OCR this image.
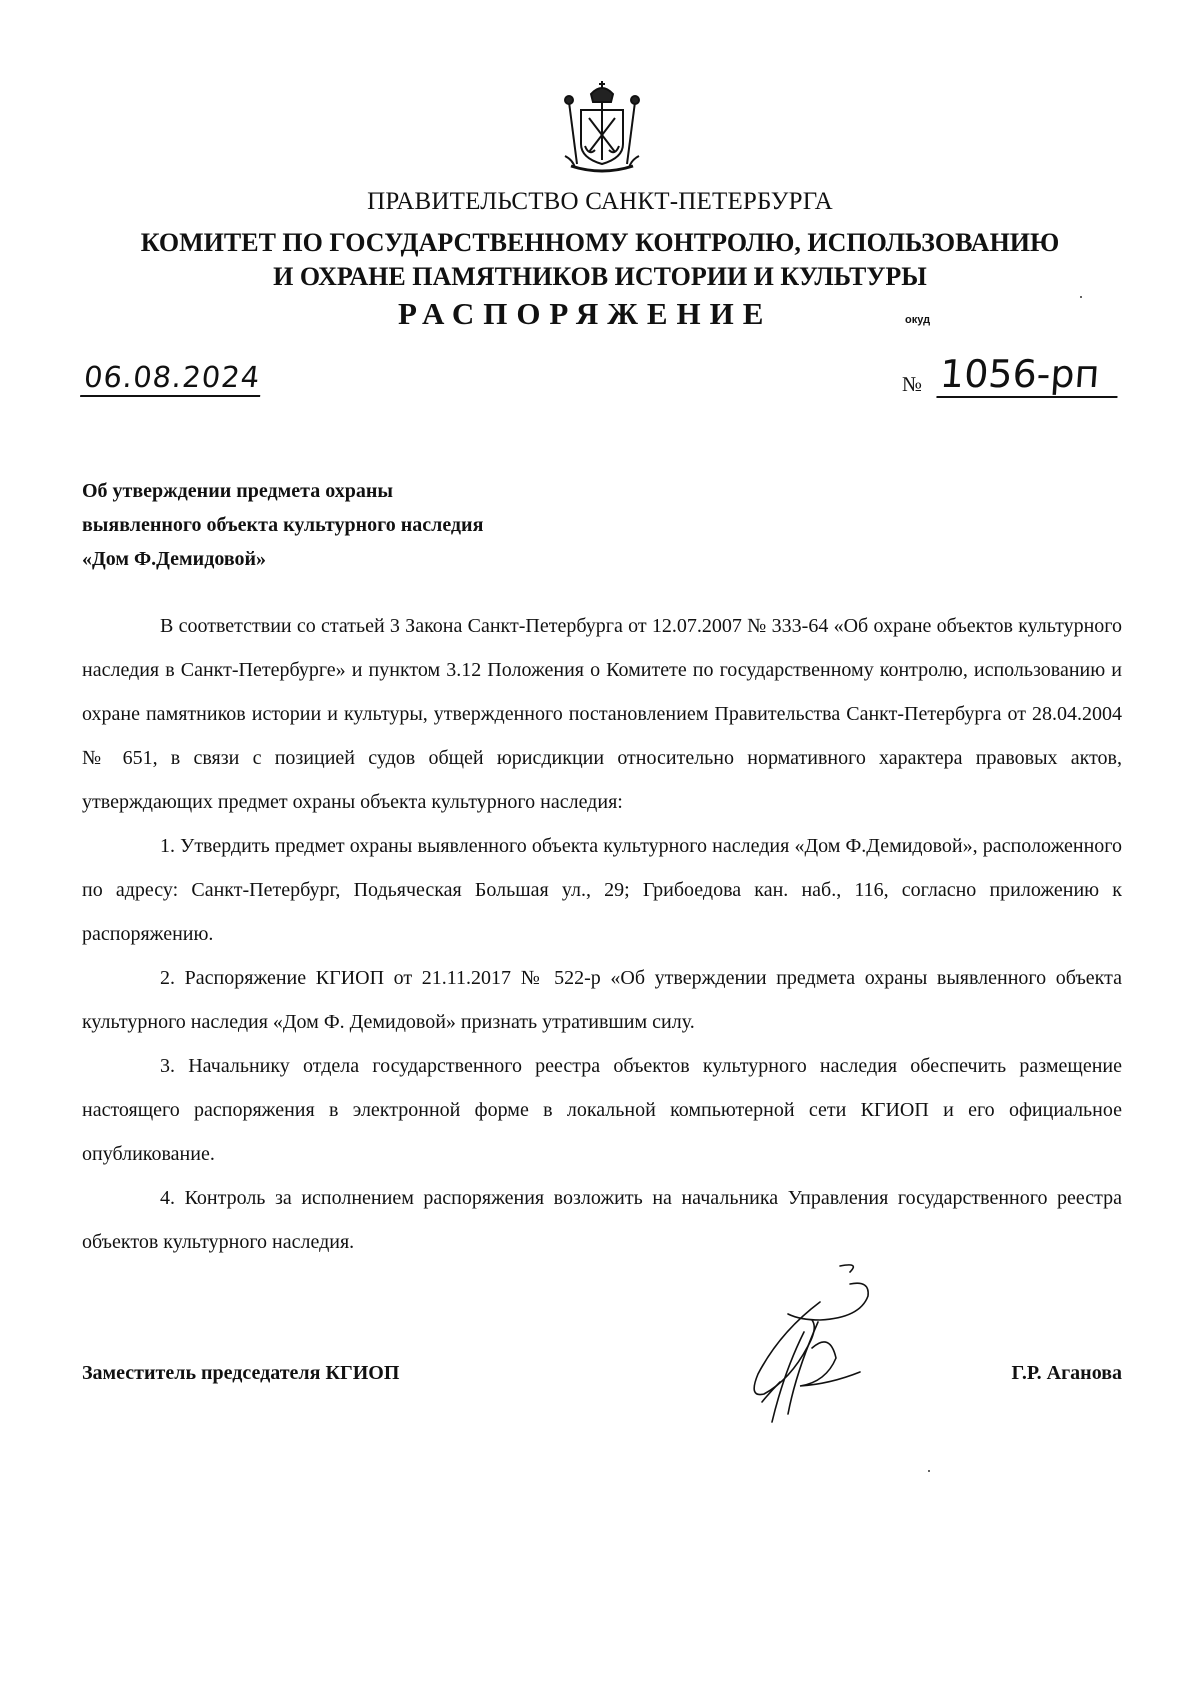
ПРАВИТЕЛЬСТВО САНКТ-ПЕТЕРБУРГА
КОМИТЕТ ПО ГОСУДАРСТВЕННОМУ КОНТРОЛЮ, ИСПОЛЬЗОВАНИЮ
И ОХРАНЕ ПАМЯТНИКОВ ИСТОРИИ И КУЛЬТУРЫ
РАСПОРЯЖЕНИЕ	окуд
06.08.2024	№ 1056-рп
Об утверждении предмета охраны
выявленного объекта культурного наследия
«Дом Ф.Демидовой»

В соответствии со статьей 3 Закона Санкт-Петербурга от 12.07.2007 № 333-64 «Об охране объектов культурного наследия в Санкт-Петербурге» и пунктом 3.12 Положения о Комитете по государственному контролю, использованию и охране памятников истории и культуры, утвержденного постановлением Правительства Санкт-Петербурга от 28.04.2004 № 651, в связи с позицией судов общей юрисдикции относительно нормативного характера правовых актов, утверждающих предмет охраны объекта культурного наследия:

1. Утвердить предмет охраны выявленного объекта культурного наследия «Дом Ф.Демидовой», расположенного по адресу: Санкт-Петербург, Подьяческая Большая ул., 29; Грибоедова кан. наб., 116, согласно приложению к распоряжению.

2. Распоряжение КГИОП от 21.11.2017 № 522-р «Об утверждении предмета охраны выявленного объекта культурного наследия «Дом Ф. Демидовой» признать утратившим силу.

3. Начальнику отдела государственного реестра объектов культурного наследия обеспечить размещение настоящего распоряжения в электронной форме в локальной компьютерной сети КГИОП и его официальное опубликование.

4. Контроль за исполнением распоряжения возложить на начальника Управления государственного реестра объектов культурного наследия.

Заместитель председателя КГИОП	Г.Р. Аганова
